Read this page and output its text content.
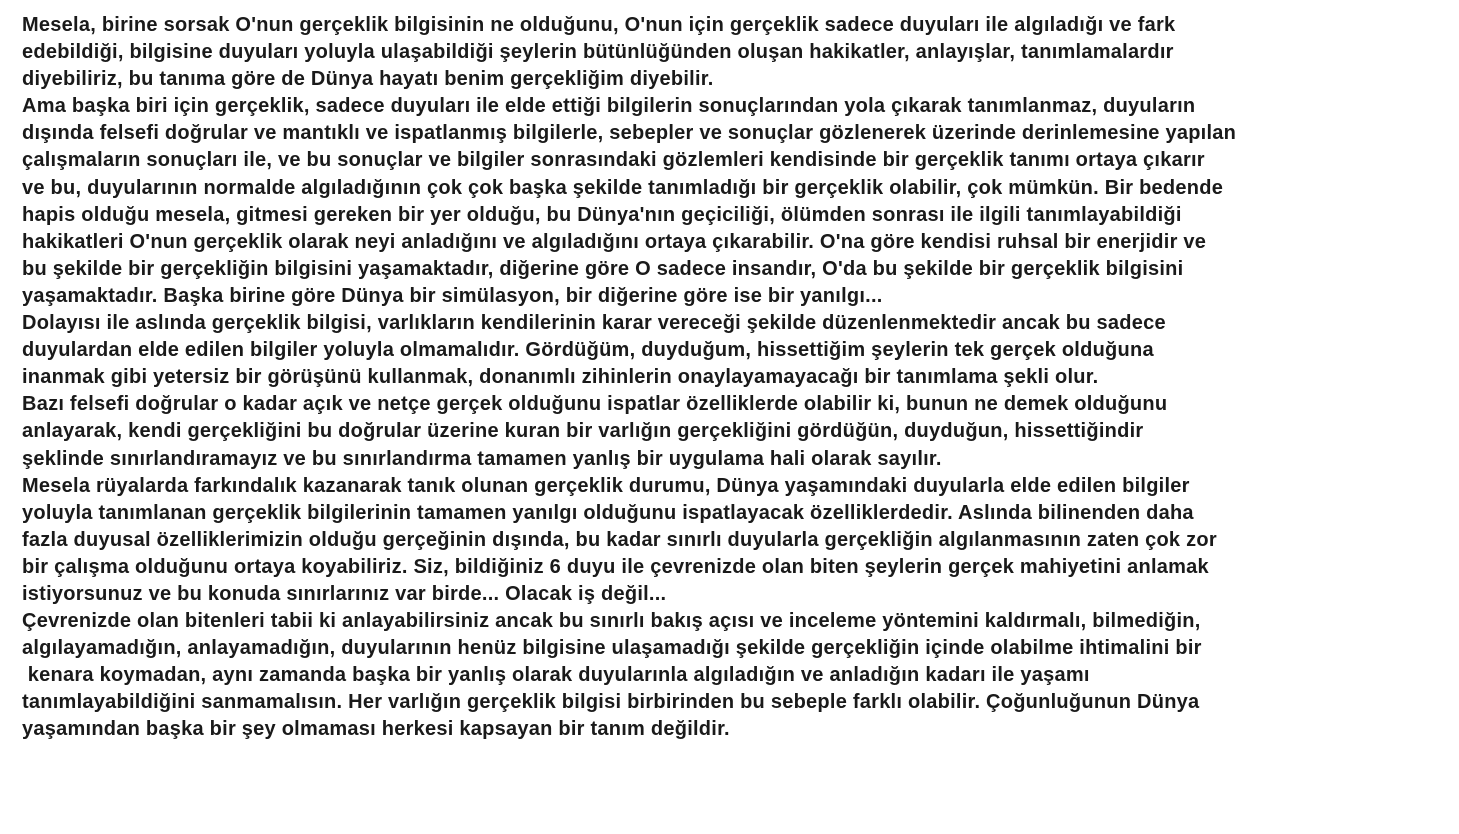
Mesela, birine sorsak O'nun gerçeklik bilgisinin ne olduğunu, O'nun için gerçeklik sadece duyuları ile algıladığı ve fark
edebildiği, bilgisine duyuları yoluyla ulaşabildiği şeylerin bütünlüğünden oluşan hakikatler, anlayışlar, tanımlamalardır
diyebiliriz, bu tanıma göre de Dünya hayatı benim gerçekliğim diyebilir.
Ama başka biri için gerçeklik, sadece duyuları ile elde ettiği bilgilerin sonuçlarından yola çıkarak tanımlanmaz, duyuların
dışında felsefi doğrular ve mantıklı ve ispatlanmış bilgilerle, sebepler ve sonuçlar gözlenerek üzerinde derinlemesine yapılan
çalışmaların sonuçları ile, ve bu sonuçlar ve bilgiler sonrasındaki gözlemleri kendisinde bir gerçeklik tanımı ortaya çıkarır
ve bu, duyularının normalde algıladığının çok çok başka şekilde tanımladığı bir gerçeklik olabilir, çok mümkün. Bir bedende
hapis olduğu mesela, gitmesi gereken bir yer olduğu, bu Dünya'nın geçiciliği, ölümden sonrası ile ilgili tanımlayabildiği
hakikatleri O'nun gerçeklik olarak neyi anladığını ve algıladığını ortaya çıkarabilir. O'na göre kendisi ruhsal bir enerjidir ve
bu şekilde bir gerçekliğin bilgisini yaşamaktadır, diğerine göre O sadece insandır, O'da bu şekilde bir gerçeklik bilgisini
yaşamaktadır. Başka birine göre Dünya bir simülasyon, bir diğerine göre ise bir yanılgı...
Dolayısı ile aslında gerçeklik bilgisi, varlıkların kendilerinin karar vereceği şekilde düzenlenmektedir ancak bu sadece
duyulardan elde edilen bilgiler yoluyla olmamalıdır. Gördüğüm, duyduğum, hissettiğim şeylerin tek gerçek olduğuna
inanmak gibi yetersiz bir görüşünü kullanmak, donanımlı zihinlerin onaylayamayacağı bir tanımlama şekli olur.
Bazı felsefi doğrular o kadar açık ve netçe gerçek olduğunu ispatlar özelliklerde olabilir ki, bunun ne demek olduğunu
anlayarak, kendi gerçekliğini bu doğrular üzerine kuran bir varlığın gerçekliğini gördüğün, duyduğun, hissettiğindir
şeklinde sınırlandıramayız ve bu sınırlandırma tamamen yanlış bir uygulama hali olarak sayılır.
Mesela rüyalarda farkındalık kazanarak tanık olunan gerçeklik durumu, Dünya yaşamındaki duyularla elde edilen bilgiler
yoluyla tanımlanan gerçeklik bilgilerinin tamamen yanılgı olduğunu ispatlayacak özelliklerdedir. Aslında bilinenden daha
fazla duyusal özelliklerimizin olduğu gerçeğinin dışında, bu kadar sınırlı duyularla gerçekliğin algılanmasının zaten çok zor
bir çalışma olduğunu ortaya koyabiliriz. Siz, bildiğiniz 6 duyu ile çevrenizde olan biten şeylerin gerçek mahiyetini anlamak
istiyorsunuz ve bu konuda sınırlarınız var birde... Olacak iş değil...
Çevrenizde olan bitenleri tabii ki anlayabilirsiniz ancak bu sınırlı bakış açısı ve inceleme yöntemini kaldırmalı, bilmediğin,
algılayamadığın, anlayamadığın, duyularının henüz bilgisine ulaşamadığı şekilde gerçekliğin içinde olabilme ihtimalini bir
kenara koymadan, aynı zamanda başka bir yanlış olarak duyularınla algıladığın ve anladığın kadarı ile yaşamı
tanımlayabildiğini sanmamalısın. Her varlığın gerçeklik bilgisi birbirinden bu sebeple farklı olabilir. Çoğunluğunun Dünya
yaşamından başka bir şey olmaması herkesi kapsayan bir tanım değildir.
